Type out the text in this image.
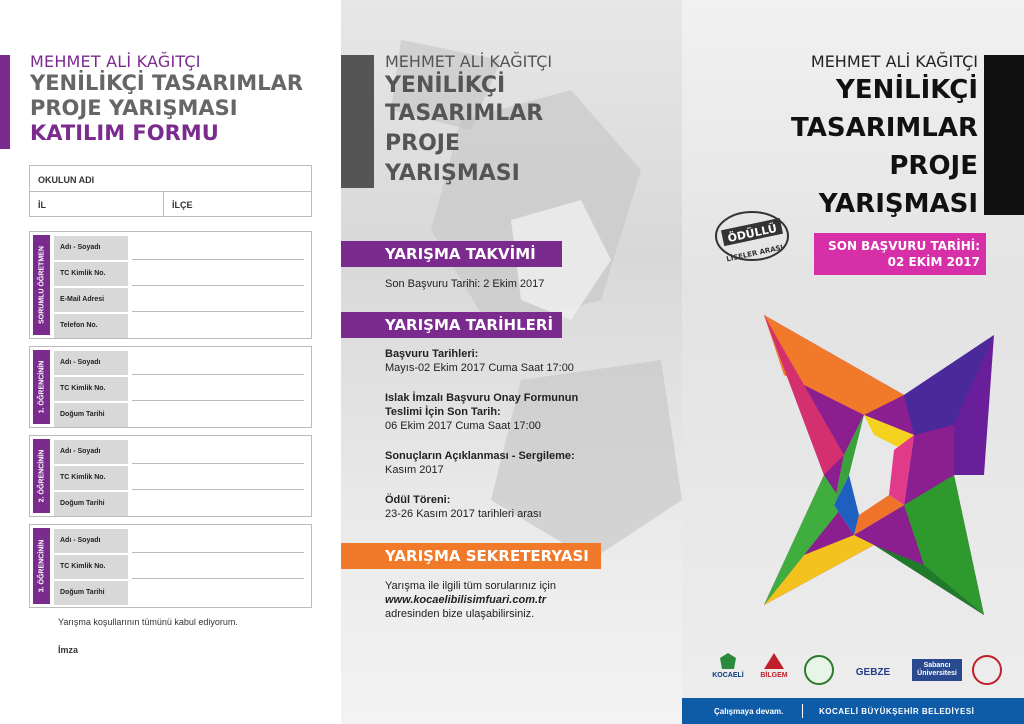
MEHMET ALİ KAĞITÇI
YENİLİKÇİ TASARIMLAR
PROJE YARIŞMASI
KATILIM FORMU
OKULUN ADI
İL	İLÇE
SORUMLU ÖĞRETMEN	Adı - Soyadı
TC Kimlik No.
E-Mail Adresi
Telefon No.
1. ÖĞRENCİNİN	Adı - Soyadı
TC Kimlik No.
Doğum Tarihi
2. ÖĞRENCİNİN	Adı - Soyadı
TC Kimlik No.
Doğum Tarihi
3. ÖĞRENCİNİN	Adı - Soyadı
TC Kimlik No.
Doğum Tarihi
Yarışma koşullarının tümünü kabul ediyorum.
İmza
MEHMET ALİ KAĞITÇI
YENİLİKÇİ
TASARIMLAR
PROJE
YARIŞMASI
YARIŞMA TAKVİMİ
Son Başvuru Tarihi: 2 Ekim 2017
YARIŞMA TARİHLERİ
Başvuru Tarihleri:
Mayıs-02 Ekim 2017 Cuma Saat 17:00
Islak İmzalı Başvuru Onay Formunun Teslimi İçin Son Tarih:
06 Ekim 2017 Cuma Saat 17:00
Sonuçların Açıklanması - Sergileme:
Kasım 2017
Ödül Töreni:
23-26 Kasım 2017 tarihleri arası
YARIŞMA SEKRETERYASI
Yarışma ile ilgili tüm sorularınız için
www.kocaelibilisimfuari.com.tr
adresinden bize ulaşabilirsiniz.
MEHMET ALİ KAĞITÇI
YENİLİKÇİ
TASARIMLAR
PROJE
YARIŞMASI
ÖDÜLLÜ
LİSELER ARASI	SON BAŞVURU TARİHİ:
02 EKİM 2017
KOCAELİ	BİLGEM	GEBZE
Sabancı Üniversitesi
Çalışmaya devam.	KOCAELİ BÜYÜKŞEHİR BELEDİYESİ
